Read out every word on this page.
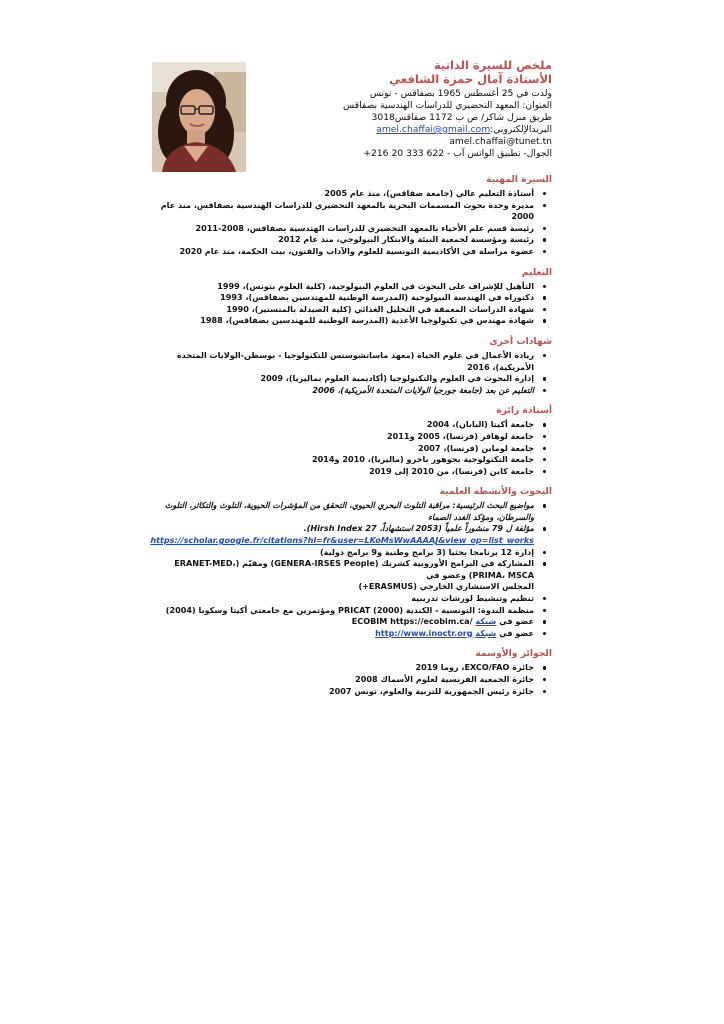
ملخص للسيرة الذاتية
الأستاذة آمال حمزة الشافعي
ولدت في 25 أغسطس 1965 بصفاقس - تونس
العنوان: المعهد التحضيري للدراسات الهندسية بصفاقس
طريق منزل شاكر/ ص ب 1172 صفاقس3018
البريدالإلكتروني:amel.chaffai@gmail.com
amel.chaffai@tunet.tn
الجوال- تطبيق الواتس آب - 622 333 20 216+
السيرة المهنية
أستاذة التعليم عالي (جامعة صفاقس)، منذ عام 2005
مديرة وحدة بحوث المسممات البحرية بالمعهد التحضيري للدراسات الهندسية بصفاقس، منذ عام 2000
رئيسة قسم علم الأحياء بالمعهد التحضيري للدراسات الهندسية بصفاقس، 2008-2011
رئيسة ومؤسسة لجمعية البيئة والابتكار البيولوجي، منذ عام 2012
عضوة مراسلة في الأكاديمية التونسية للعلوم والآداب والفنون، بيت الحكمة، منذ عام 2020
التعليم
التأهيل للإشراف على البحوث في العلوم البيولوجية، (كلية العلوم بتونس)، 1999
دكتوراه في الهندسة البيولوجية (المدرسة الوطنية للمهندسين بصفاقس)، 1993
شهادة الدراسات المعمقة في التحليل الغذائي (كلية الصيدلة بالمنستير)، 1990
شهادة مهندس في تكنولوجيا الأغذية (المدرسة الوطنية للمهندسين بصفاقس)، 1988
شهادات أخرى
ريادة الأعمال في علوم الحياة (معهد ماساتشوستس للتكنولوجيا - بوسطن-الولايات المتحدة الأمريكية)، 2016
إدارة البحوث في العلوم والتكنولوجيا (أكاديمية العلوم بماليزيا)، 2009
التعليم عن بعد (جامعة جورجيا الولايات المتحدة الأمريكية)، 2006
أستاذة زائرة
جامعة أكيتا (اليابان)، 2004
جامعة لوهافر (فرنسا)، 2005 و2011
جامعة لوماين (فرنسا)، 2007
جامعة التكنولوجية بجوهور باحرو (ماليزيا)، 2010 و2014
جامعة كاين (فرنسا)، من 2010 إلى 2019
البحوث والأنشطة العلمية
مواضيع البحث الرئيسية: مراقبة التلوث البحري الحيوي، التحقق من المؤشرات الحيوية، التلوث والتكاثر، التلوث والسرطان، ومؤكد الغدد الصماء
مؤلفة ل 79 منشوراً علمياً (2053 استشهاداً، Hirsh Index 27).
https://scholar.google.fr/citations?hl=fr&user=LKoMsWwAAAAJ&view_op=list_works
إدارة 12 برنامجا بحثيا (3 برامج وطنية و9 برامج دولية)
المشاركة في البرامج الأوروبية كشريك (GENERA-IRSES People) ومقيّم (ERANET-MED، PRIMA، MSCA) وعضو في
المجلس الاستشاري الخارجي (ERASMUS+)
تنظيم وتنشيط لورشات تدريبية
منظمة الندوة: التونسية - الكندية PRICAT (2000) ومؤتمرين مع جامعتي أكيتا وسكوبا (2004)
عضو في شبكة ECOBIM https://ecobim.ca/
عضو في شبكة http://www.inoctr.org
الجوائز والأوسمة
جائزة EXCO/FAO، روما 2019
جائزة الجمعية الفرنسية لعلوم الأسماك 2008
جائزة رئيس الجمهورية للتربية والعلوم، تونس 2007
